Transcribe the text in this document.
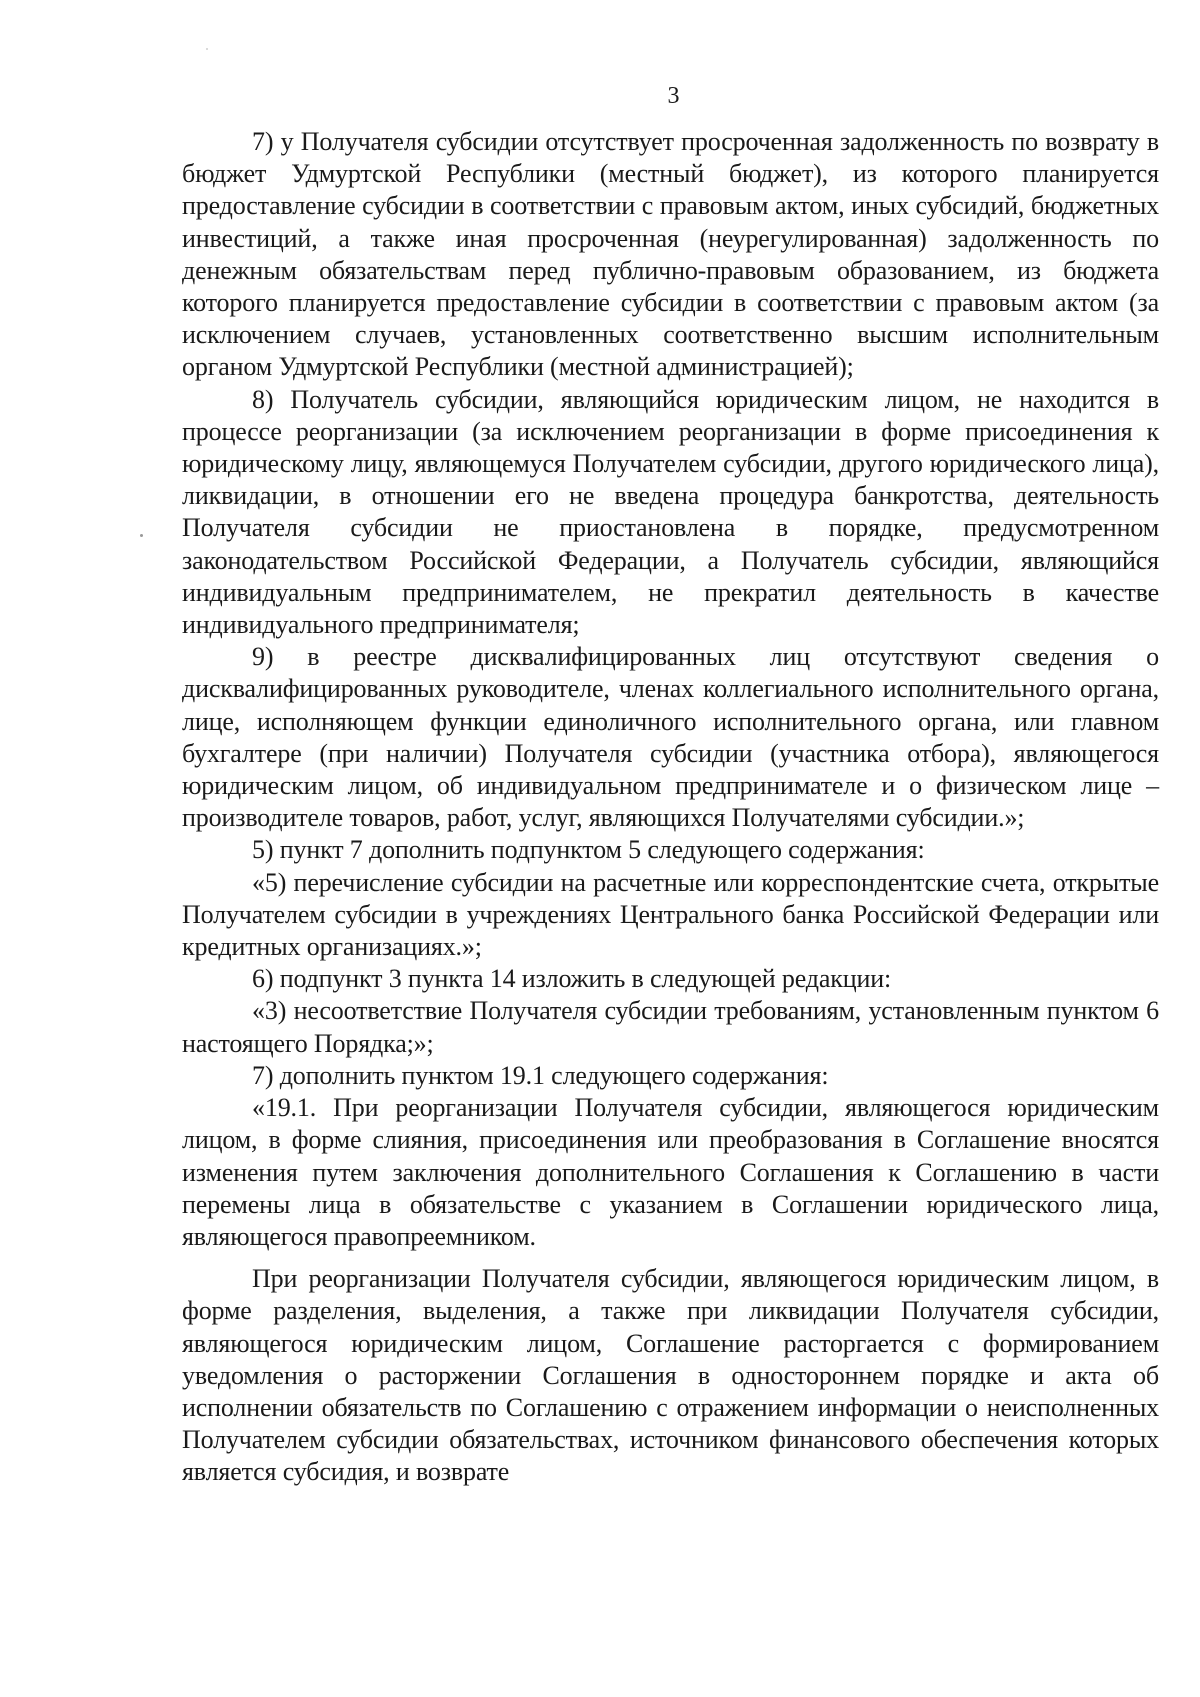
3

7) у Получателя субсидии отсутствует просроченная задолженность по возврату в бюджет Удмуртской Республики (местный бюджет), из которого планируется предоставление субсидии в соответствии с правовым актом, иных субсидий, бюджетных инвестиций, а также иная просроченная (неурегулированная) задолженность по денежным обязательствам перед публично-правовым образованием, из бюджета которого планируется предоставление субсидии в соответствии с правовым актом (за исключением случаев, установленных соответственно высшим исполнительным органом Удмуртской Республики (местной администрацией);

8) Получатель субсидии, являющийся юридическим лицом, не находится в процессе реорганизации (за исключением реорганизации в форме присоединения к юридическому лицу, являющемуся Получателем субсидии, другого юридического лица), ликвидации, в отношении его не введена процедура банкротства, деятельность Получателя субсидии не приостановлена в порядке, предусмотренном законодательством Российской Федерации, а Получатель субсидии, являющийся индивидуальным предпринимателем, не прекратил деятельность в качестве индивидуального предпринимателя;

9) в реестре дисквалифицированных лиц отсутствуют сведения о дисквалифицированных руководителе, членах коллегиального исполнительного органа, лице, исполняющем функции единоличного исполнительного органа, или главном бухгалтере (при наличии) Получателя субсидии (участника отбора), являющегося юридическим лицом, об индивидуальном предпринимателе и о физическом лице – производителе товаров, работ, услуг, являющихся Получателями субсидии.»;

5) пункт 7 дополнить подпунктом 5 следующего содержания:

«5) перечисление субсидии на расчетные или корреспондентские счета, открытые Получателем субсидии в учреждениях Центрального банка Российской Федерации или кредитных организациях.»;

6) подпункт 3 пункта 14 изложить в следующей редакции:

«3) несоответствие Получателя субсидии требованиям, установленным пунктом 6 настоящего Порядка;»;

7) дополнить пунктом 19.1 следующего содержания:

«19.1. При реорганизации Получателя субсидии, являющегося юридическим лицом, в форме слияния, присоединения или преобразования в Соглашение вносятся изменения путем заключения дополнительного Соглашения к Соглашению в части перемены лица в обязательстве с указанием в Соглашении юридического лица, являющегося правопреемником.

При реорганизации Получателя субсидии, являющегося юридическим лицом, в форме разделения, выделения, а также при ликвидации Получателя субсидии, являющегося юридическим лицом, Соглашение расторгается с формированием уведомления о расторжении Соглашения в одностороннем порядке и акта об исполнении обязательств по Соглашению с отражением информации о неисполненных Получателем субсидии обязательствах, источником финансового обеспечения которых является субсидия, и возврате
